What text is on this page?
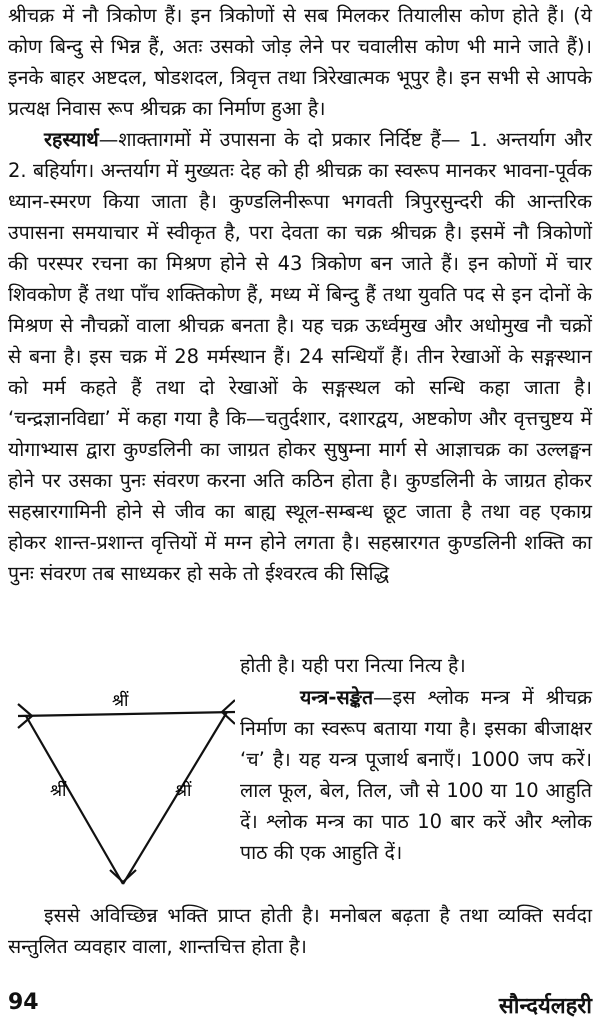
श्रीचक्र में नौ त्रिकोण हैं। इन त्रिकोणों से सब मिलकर तियालीस कोण होते हैं। (ये कोण बिन्दु से भिन्न हैं, अतः उसको जोड़ लेने पर चवालीस कोण भी माने जाते हैं)। इनके बाहर अष्टदल, षोडशदल, त्रिवृत्त तथा त्रिरेखात्मक भूपुर है। इन सभी से आपके प्रत्यक्ष निवास रूप श्रीचक्र का निर्माण हुआ है।

रहस्यार्थ—शाक्तागमों में उपासना के दो प्रकार निर्दिष्ट हैं— 1. अन्तर्याग और 2. बहिर्याग। अन्तर्याग में मुख्यतः देह को ही श्रीचक्र का स्वरूप मानकर भावना-पूर्वक ध्यान-स्मरण किया जाता है। कुण्डलिनीरूपा भगवती त्रिपुरसुन्दरी की आन्तरिक उपासना समयाचार में स्वीकृत है, परा देवता का चक्र श्रीचक्र है। इसमें नौ त्रिकोणों की परस्पर रचना का मिश्रण होने से 43 त्रिकोण बन जाते हैं। इन कोणों में चार शिवकोण हैं तथा पाँच शक्तिकोण हैं, मध्य में बिन्दु हैं तथा युवति पद से इन दोनों के मिश्रण से नौचक्रों वाला श्रीचक्र बनता है। यह चक्र ऊर्ध्वमुख और अधोमुख नौ चक्रों से बना है। इस चक्र में 28 मर्मस्थान हैं। 24 सन्धियाँ हैं। तीन रेखाओं के सङ्गस्थान को मर्म कहते हैं तथा दो रेखाओं के सङ्गस्थल को सन्धि कहा जाता है। ‘चन्द्रज्ञानविद्या’ में कहा गया है कि—चतुर्दशार, दशारद्वय, अष्टकोण और वृत्तचुष्टय में योगाभ्यास द्वारा कुण्डलिनी का जाग्रत होकर सुषुम्ना मार्ग से आज्ञाचक्र का उल्लङ्घन होने पर उसका पुनः संवरण करना अति कठिन होता है। कुण्डलिनी के जाग्रत होकर सहस्रारगामिनी होने से जीव का बाह्य स्थूल-सम्बन्ध छूट जाता है तथा वह एकाग्र होकर शान्त-प्रशान्त वृत्तियों में मग्न होने लगता है। सहस्रारगत कुण्डलिनी शक्ति का पुनः संवरण तब साध्यकर हो सके तो ईश्वरत्व की सिद्धि

होती है। यही परा नित्या नित्य है।

श्रीं
श्रीं	श्रीं

यन्त्र-सङ्केत—इस श्लोक मन्त्र में श्रीचक्र निर्माण का स्वरूप बताया गया है। इसका बीजाक्षर ‘च’ है। यह यन्त्र पूजार्थ बनाएँ। 1000 जप करें। लाल फूल, बेल, तिल, जौ से 100 या 10 आहुति दें। श्लोक मन्त्र का पाठ 10 बार करें और श्लोक पाठ की एक आहुति दें।

इससे अविच्छिन्न भक्ति प्राप्त होती है। मनोबल बढ़ता है तथा व्यक्ति सर्वदा सन्तुलित व्यवहार वाला, शान्तचित्त होता है।

94	सौन्दर्यलहरी
